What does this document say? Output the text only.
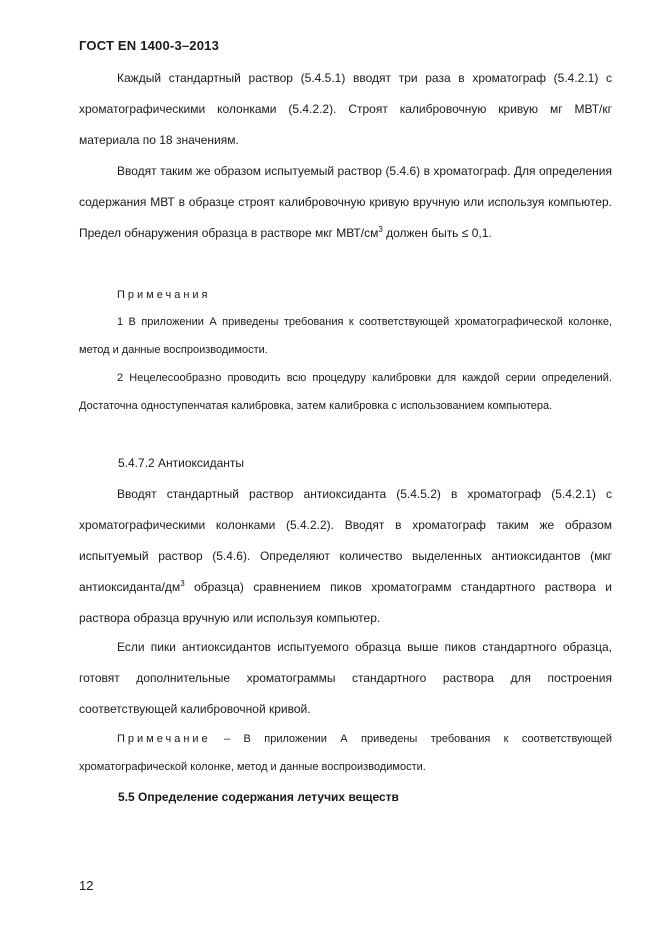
ГОСТ EN 1400-3–2013

Каждый стандартный раствор (5.4.5.1) вводят три раза в хроматограф (5.4.2.1) с хроматографическими колонками (5.4.2.2). Строят калибровочную кривую мг МВТ/кг материала по 18 значениям.

Вводят таким же образом испытуемый раствор (5.4.6) в хроматограф. Для определения содержания МВТ в образце строят калибровочную кривую вручную или используя компьютер. Предел обнаружения образца в растворе мкг МВТ/$см^3$ должен быть ≤ 0,1.

Примечания

1 В приложении А приведены требования к соответствующей хроматографической колонке, метод и данные воспроизводимости.

2 Нецелесообразно проводить всю процедуру калибровки для каждой серии определений. Достаточна одноступенчатая калибровка, затем калибровка с использованием компьютера.

5.4.7.2 Антиоксиданты

Вводят стандартный раствор антиоксиданта (5.4.5.2) в хроматограф (5.4.2.1) с хроматографическими колонками (5.4.2.2). Вводят в хроматограф таким же образом испытуемый раствор (5.4.6). Определяют количество выделенных антиоксидантов (мкг антиоксиданта/$дм^3$ образца) сравнением пиков хроматограмм стандартного раствора и раствора образца вручную или используя компьютер.

Если пики антиоксидантов испытуемого образца выше пиков стандартного образца, готовят дополнительные хроматограммы стандартного раствора для построения соответствующей калибровочной кривой.

Примечание – В приложении А приведены требования к соответствующей хроматографической колонке, метод и данные воспроизводимости.

5.5 Определение содержания летучих веществ
12
